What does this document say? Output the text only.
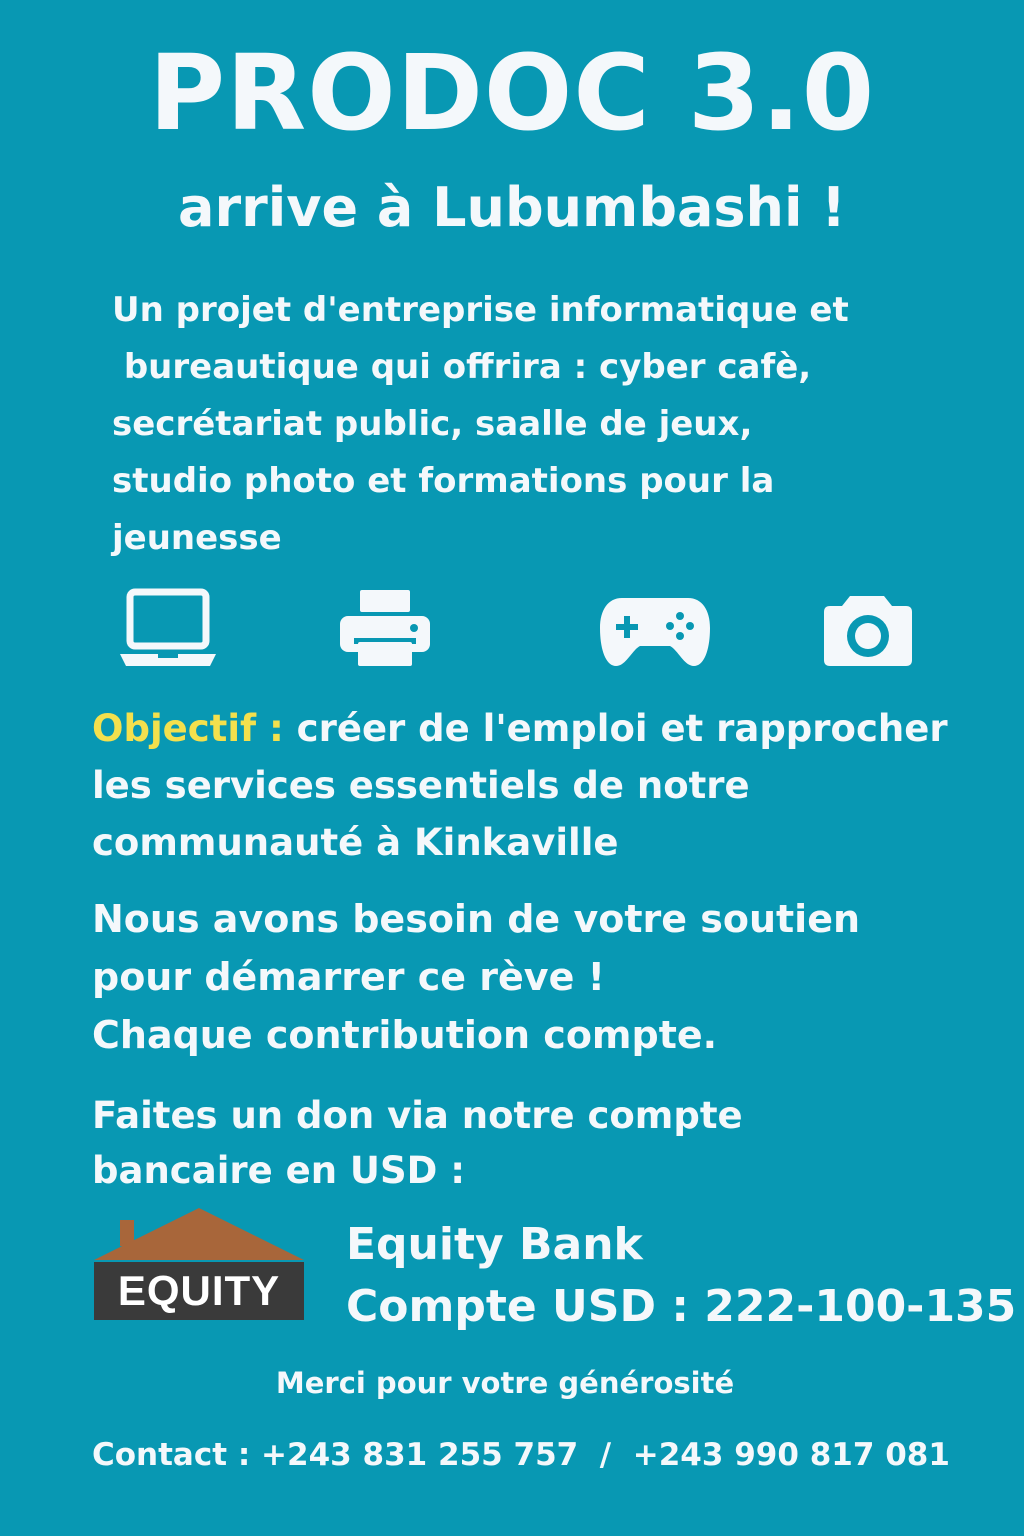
PRODOC 3.0
arrive à Lubumbashi !
Un projet d'entreprise informatique et
bureautique qui offrira : cyber cafè,
secrétariat public, saalle de jeux,
studio photo et formations pour la
jeunesse
Objectif : créer de l'emploi et rapprocher
les services essentiels de notre
communauté à Kinkaville
Nous avons besoin de votre soutien
pour démarrer ce rève !
Chaque contribution compte.
Faites un don via notre compte
bancaire en USD :
EQUITY
Equity Bank
Compte USD : 222-100-135
Merci pour votre générosité
Contact : +243 831 255 757  /  +243 990 817 081
